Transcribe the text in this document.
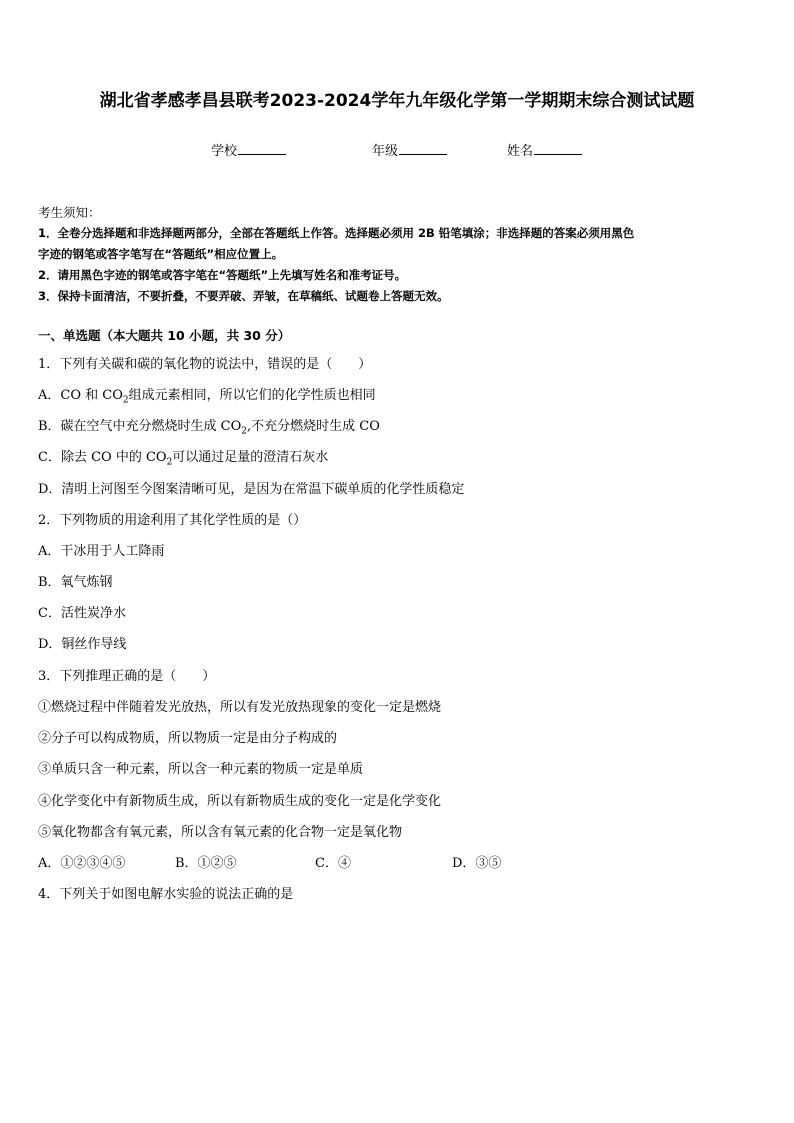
湖北省孝感孝昌县联考2023-2024学年九年级化学第一学期期末综合测试试题
学校	年级	姓名
考生须知：
1．全卷分选择题和非选择题两部分，全部在答题纸上作答。选择题必须用 2B 铅笔填涂；非选择题的答案必须用黑色
字迹的钢笔或答字笔写在“答题纸”相应位置上。
2．请用黑色字迹的钢笔或答字笔在“答题纸”上先填写姓名和准考证号。
3．保持卡面清洁，不要折叠，不要弄破、弄皱，在草稿纸、试题卷上答题无效。
一、单选题（本大题共 10 小题，共 30 分）
1．下列有关碳和碳的氧化物的说法中，错误的是（　　）
A．CO 和 $CO_2$组成元素相同，所以它们的化学性质也相同
B．碳在空气中充分燃烧时生成 $CO_2$,不充分燃烧时生成 CO
C．除去 CO 中的 $CO_2$可以通过足量的澄清石灰水
D．清明上河图至今图案清晰可见，是因为在常温下碳单质的化学性质稳定
2．下列物质的用途利用了其化学性质的是（）
A．干冰用于人工降雨
B．氧气炼钢
C．活性炭净水
D．铜丝作导线
3．下列推理正确的是（　　）
①燃烧过程中伴随着发光放热，所以有发光放热现象的变化一定是燃烧
②分子可以构成物质，所以物质一定是由分子构成的
③单质只含一种元素，所以含一种元素的物质一定是单质
④化学变化中有新物质生成，所以有新物质生成的变化一定是化学变化
⑤氧化物都含有氧元素，所以含有氧元素的化合物一定是氧化物
A．①②③④⑤	B．①②⑤	C．④	D．③⑤
4．下列关于如图电解水实验的说法正确的是
